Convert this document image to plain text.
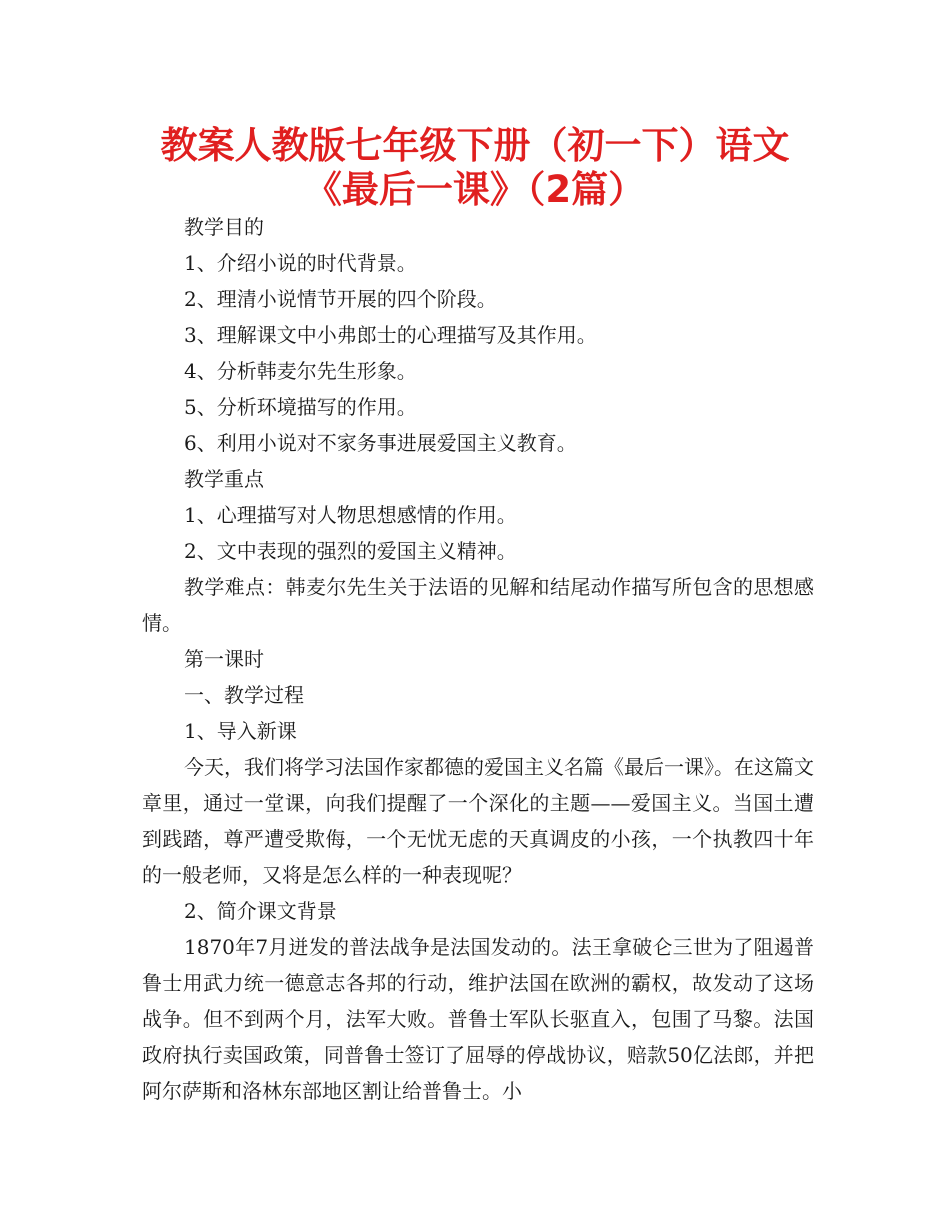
教案人教版七年级下册（初一下）语文
《最后一课》（2篇）

教学目的

1、介绍小说的时代背景。

2、理清小说情节开展的四个阶段。

3、理解课文中小弗郎士的心理描写及其作用。

4、分析韩麦尔先生形象。

5、分析环境描写的作用。

6、利用小说对不家务事进展爱国主义教育。

教学重点

1、心理描写对人物思想感情的作用。

2、文中表现的强烈的爱国主义精神。

教学难点：韩麦尔先生关于法语的见解和结尾动作描写所包含的思想感情。

第一课时

一、教学过程

1、导入新课

今天，我们将学习法国作家都德的爱国主义名篇《最后一课》。在这篇文章里，通过一堂课，向我们提醒了一个深化的主题——爱国主义。当国土遭到践踏，尊严遭受欺侮，一个无忧无虑的天真调皮的小孩，一个执教四十年的一般老师，又将是怎么样的一种表现呢？

2、简介课文背景

1870年7月迸发的普法战争是法国发动的。法王拿破仑三世为了阻遏普鲁士用武力统一德意志各邦的行动，维护法国在欧洲的霸权，故发动了这场战争。但不到两个月，法军大败。普鲁士军队长驱直入，包围了马黎。法国政府执行卖国政策，同普鲁士签订了屈辱的停战协议，赔款50亿法郎，并把阿尔萨斯和洛林东部地区割让给普鲁士。小
